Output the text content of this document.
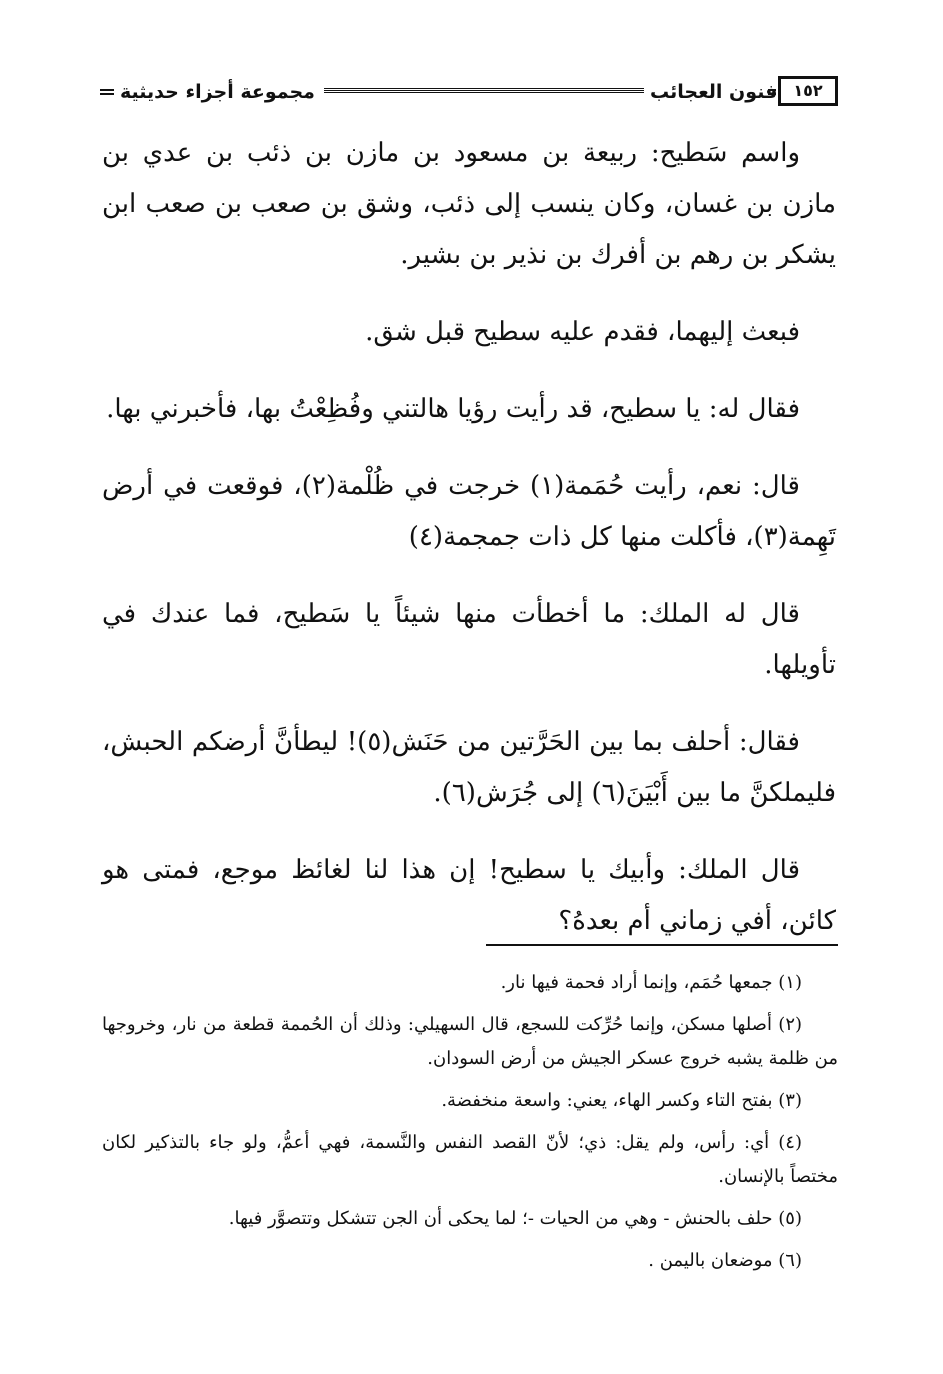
مجموعة أجزاء حديثية	فنون العجائب ١٥٢

واسم سَطيح: ربيعة بن مسعود بن مازن بن ذئب بن عدي بن مازن بن غسان، وكان ينسب إلى ذئب، وشق بن صعب بن صعب ابن يشكر بن رهم بن أفرك بن نذير بن بشير.

فبعث إليهما، فقدم عليه سطيح قبل شق.

فقال له: يا سطيح، قد رأيت رؤيا هالتني وفُظِعْتُ بها، فأخبرني بها.

قال: نعم، رأيت حُمَمة(١) خرجت في ظُلْمة(٢)، فوقعت في أرض تَهِمة(٣)، فأكلت منها كل ذات جمجمة(٤)

قال له الملك: ما أخطأت منها شيئاً يا سَطيح، فما عندك في تأويلها.

فقال: أحلف بما بين الحَرَّتين من حَنَش(٥)! ليطأنَّ أرضكم الحبش، فليملكنَّ ما بين أَبْيَنَ(٦) إلى جُرَش(٦).

قال الملك: وأبيك يا سطيح! إن هذا لنا لغائظ موجع، فمتى هو كائن، أفي زماني أم بعدهُ؟

(١) جمعها حُمَم، وإنما أراد فحمة فيها نار.

(٢) أصلها مسكن، وإنما حُرِّكت للسجع، قال السهيلي: وذلك أن الحُممة قطعة من نار، وخروجها من ظلمة يشبه خروج عسكر الجيش من أرض السودان.

(٣) بفتح التاء وكسر الهاء، يعني: واسعة منخفضة.

(٤) أي: رأس، ولم يقل: ذي؛ لأنّ القصد النفس والنَّسمة، فهي أعمُّ، ولو جاء بالتذكير لكان مختصاً بالإنسان.

(٥) حلف بالحنش - وهي من الحيات -؛ لما يحكى أن الجن تتشكل وتتصوَّر فيها.

(٦) موضعان باليمن .
